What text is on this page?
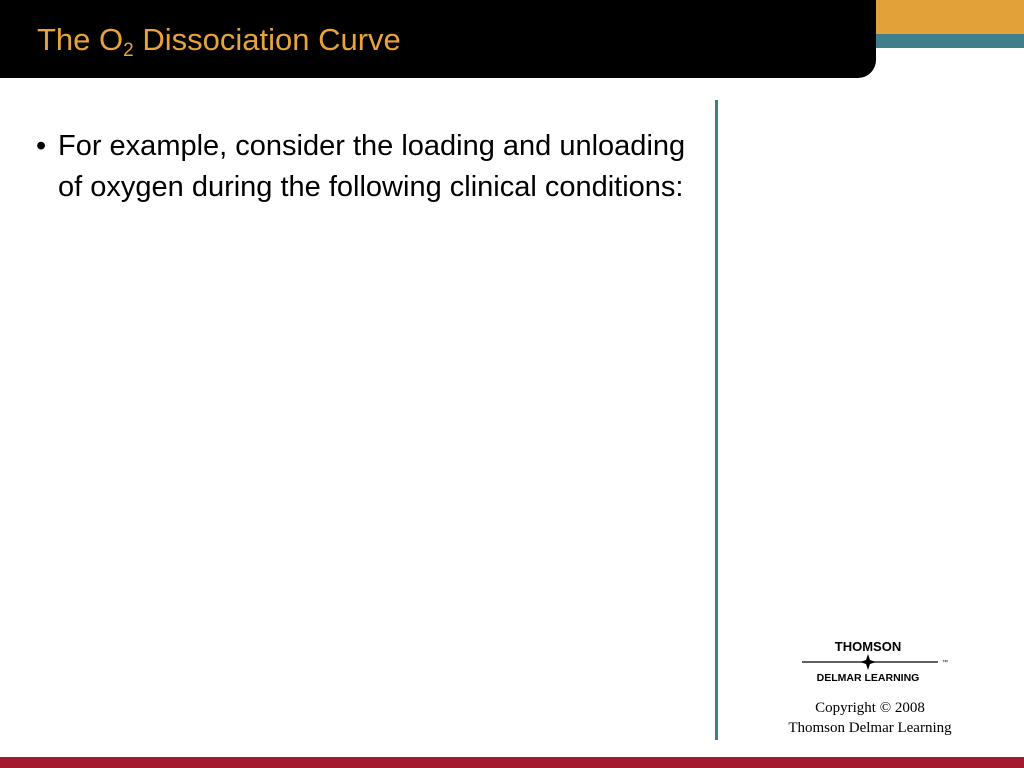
The $O_2$ Dissociation Curve
• For example, consider the loading and unloading of oxygen during the following clinical conditions:
THOMSON
™
DELMAR LEARNING
Copyright © 2008
Thomson Delmar Learning
